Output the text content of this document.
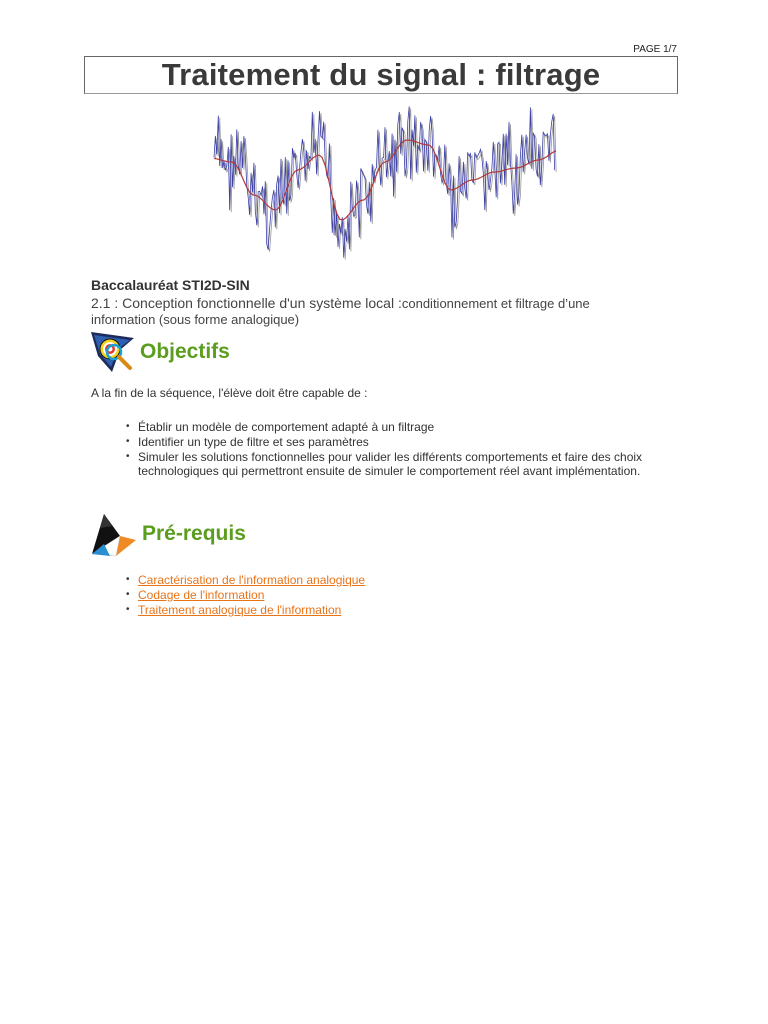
PAGE 1/7
Traitement du signal : filtrage
Baccalauréat STI2D-SIN
2.1 : Conception fonctionnelle d'un système local :conditionnement et filtrage d’une information (sous forme analogique)
Objectifs
A la fin de la séquence, l'élève doit être capable de :
• Établir un modèle de comportement adapté à un filtrage
• Identifier un type de filtre et ses paramètres
• Simuler les solutions fonctionnelles pour valider les différents comportements et faire des choix technologiques qui permettront ensuite de simuler le comportement réel avant implémentation.
Pré-requis
• Caractérisation de l'information analogique
• Codage de l'information
• Traitement analogique de l'information
